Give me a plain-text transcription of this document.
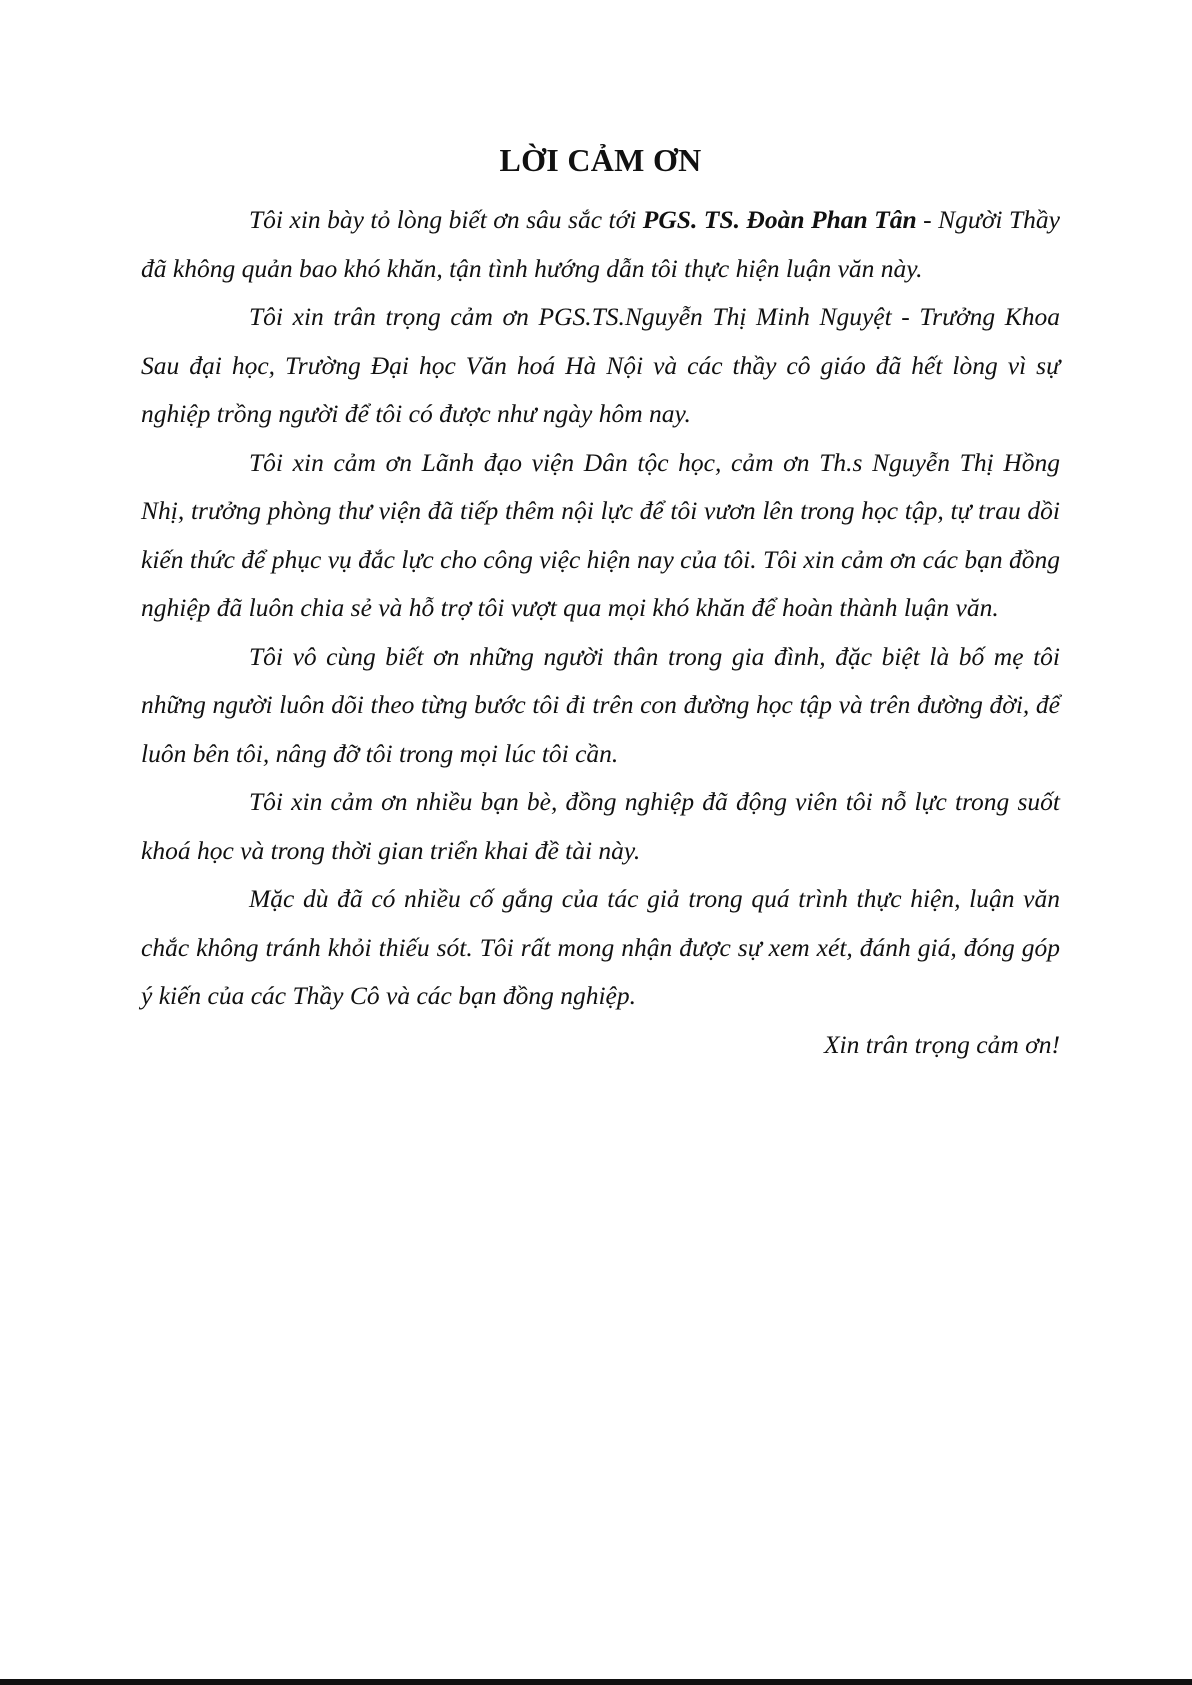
LỜI CẢM ƠN

Tôi xin bày tỏ lòng biết ơn sâu sắc tới PGS. TS. Đoàn Phan Tân - Người Thầy đã không quản bao khó khăn, tận tình hướng dẫn tôi thực hiện luận văn này.

Tôi xin trân trọng cảm ơn PGS.TS.Nguyễn Thị Minh Nguyệt - Trưởng Khoa Sau đại học, Trường Đại học Văn hoá Hà Nội và các thầy cô giáo đã hết lòng vì sự nghiệp trồng người để tôi có được như ngày hôm nay.

Tôi xin cảm ơn Lãnh đạo viện Dân tộc học, cảm ơn Th.s Nguyễn Thị Hồng Nhị, trưởng phòng thư viện đã tiếp thêm nội lực để tôi vươn lên trong học tập, tự trau dồi kiến thức để phục vụ đắc lực cho công việc hiện nay của tôi. Tôi xin cảm ơn các bạn đồng nghiệp đã luôn chia sẻ và hỗ trợ tôi vượt qua mọi khó khăn để hoàn thành luận văn.

Tôi vô cùng biết ơn những người thân trong gia đình, đặc biệt là bố mẹ tôi những người luôn dõi theo từng bước tôi đi trên con đường học tập và trên đường đời, để luôn bên tôi, nâng đỡ tôi trong mọi lúc tôi cần.

Tôi xin cảm ơn nhiều bạn bè, đồng nghiệp đã động viên tôi nỗ lực trong suốt khoá học và trong thời gian triển khai đề tài này.

Mặc dù đã có nhiều cố gắng của tác giả trong quá trình thực hiện, luận văn chắc không tránh khỏi thiếu sót. Tôi rất mong nhận được sự xem xét, đánh giá, đóng góp ý kiến của các Thầy Cô và các bạn đồng nghiệp.

Xin trân trọng cảm ơn!
